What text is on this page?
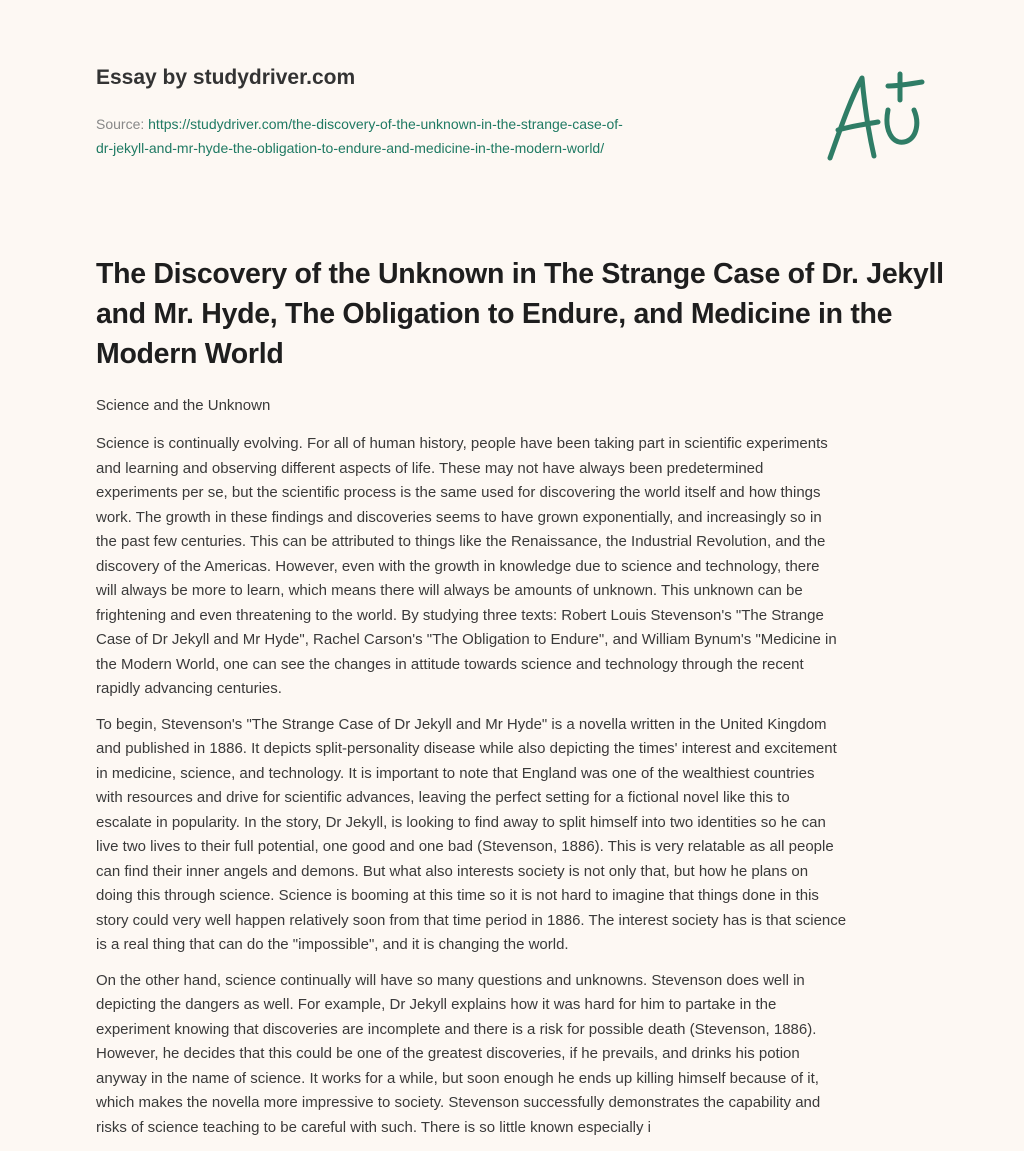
Essay by studydriver.com
Source: https://studydriver.com/the-discovery-of-the-unknown-in-the-strange-case-of-
dr-jekyll-and-mr-hyde-the-obligation-to-endure-and-medicine-in-the-modern-world/
The Discovery of the Unknown in The Strange Case of Dr. Jekyll and Mr. Hyde, The Obligation to Endure, and Medicine in the Modern World
Science and the Unknown

Science is continually evolving. For all of human history, people have been taking part in scientific experiments
and learning and observing different aspects of life. These may not have always been predetermined
experiments per se, but the scientific process is the same used for discovering the world itself and how things
work. The growth in these findings and discoveries seems to have grown exponentially, and increasingly so in
the past few centuries. This can be attributed to things like the Renaissance, the Industrial Revolution, and the
discovery of the Americas. However, even with the growth in knowledge due to science and technology, there
will always be more to learn, which means there will always be amounts of unknown. This unknown can be
frightening and even threatening to the world. By studying three texts: Robert Louis Stevenson's "The Strange
Case of Dr Jekyll and Mr Hyde", Rachel Carson's "The Obligation to Endure", and William Bynum's "Medicine in
the Modern World, one can see the changes in attitude towards science and technology through the recent
rapidly advancing centuries.

To begin, Stevenson's "The Strange Case of Dr Jekyll and Mr Hyde" is a novella written in the United Kingdom
and published in 1886. It depicts split-personality disease while also depicting the times' interest and excitement
in medicine, science, and technology. It is important to note that England was one of the wealthiest countries
with resources and drive for scientific advances, leaving the perfect setting for a fictional novel like this to
escalate in popularity. In the story, Dr Jekyll, is looking to find away to split himself into two identities so he can
live two lives to their full potential, one good and one bad (Stevenson, 1886). This is very relatable as all people
can find their inner angels and demons. But what also interests society is not only that, but how he plans on
doing this through science. Science is booming at this time so it is not hard to imagine that things done in this
story could very well happen relatively soon from that time period in 1886. The interest society has is that science
is a real thing that can do the "impossible", and it is changing the world.

On the other hand, science continually will have so many questions and unknowns. Stevenson does well in
depicting the dangers as well. For example, Dr Jekyll explains how it was hard for him to partake in the
experiment knowing that discoveries are incomplete and there is a risk for possible death (Stevenson, 1886).
However, he decides that this could be one of the greatest discoveries, if he prevails, and drinks his potion
anyway in the name of science. It works for a while, but soon enough he ends up killing himself because of it,
which makes the novella more impressive to society. Stevenson successfully demonstrates the capability and
risks of science teaching to be careful with such. There is so little known especially i
